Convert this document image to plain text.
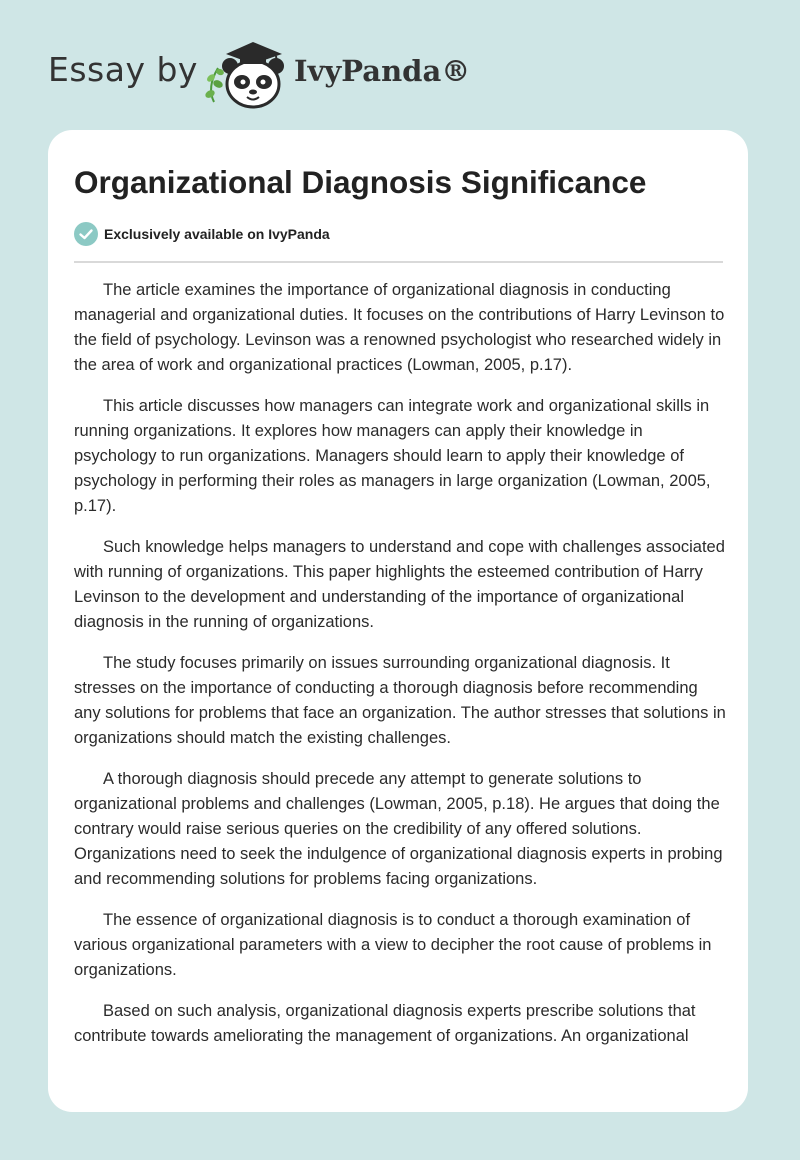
Essay by	IvyPanda®
Organizational Diagnosis Significance
Exclusively available on IvyPanda

The article examines the importance of organizational diagnosis in conducting managerial and organizational duties. It focuses on the contributions of Harry Levinson to the field of psychology. Levinson was a renowned psychologist who researched widely in the area of work and organizational practices (Lowman, 2005, p.17).

This article discusses how managers can integrate work and organizational skills in running organizations. It explores how managers can apply their knowledge in psychology to run organizations. Managers should learn to apply their knowledge of psychology in performing their roles as managers in large organization (Lowman, 2005, p.17).

Such knowledge helps managers to understand and cope with challenges associated with running of organizations. This paper highlights the esteemed contribution of Harry Levinson to the development and understanding of the importance of organizational diagnosis in the running of organizations.

The study focuses primarily on issues surrounding organizational diagnosis. It stresses on the importance of conducting a thorough diagnosis before recommending any solutions for problems that face an organization. The author stresses that solutions in organizations should match the existing challenges.

A thorough diagnosis should precede any attempt to generate solutions to organizational problems and challenges (Lowman, 2005, p.18). He argues that doing the contrary would raise serious queries on the credibility of any offered solutions. Organizations need to seek the indulgence of organizational diagnosis experts in probing and recommending solutions for problems facing organizations.

The essence of organizational diagnosis is to conduct a thorough examination of various organizational parameters with a view to decipher the root cause of problems in organizations.

Based on such analysis, organizational diagnosis experts prescribe solutions that contribute towards ameliorating the management of organizations. An organizational
